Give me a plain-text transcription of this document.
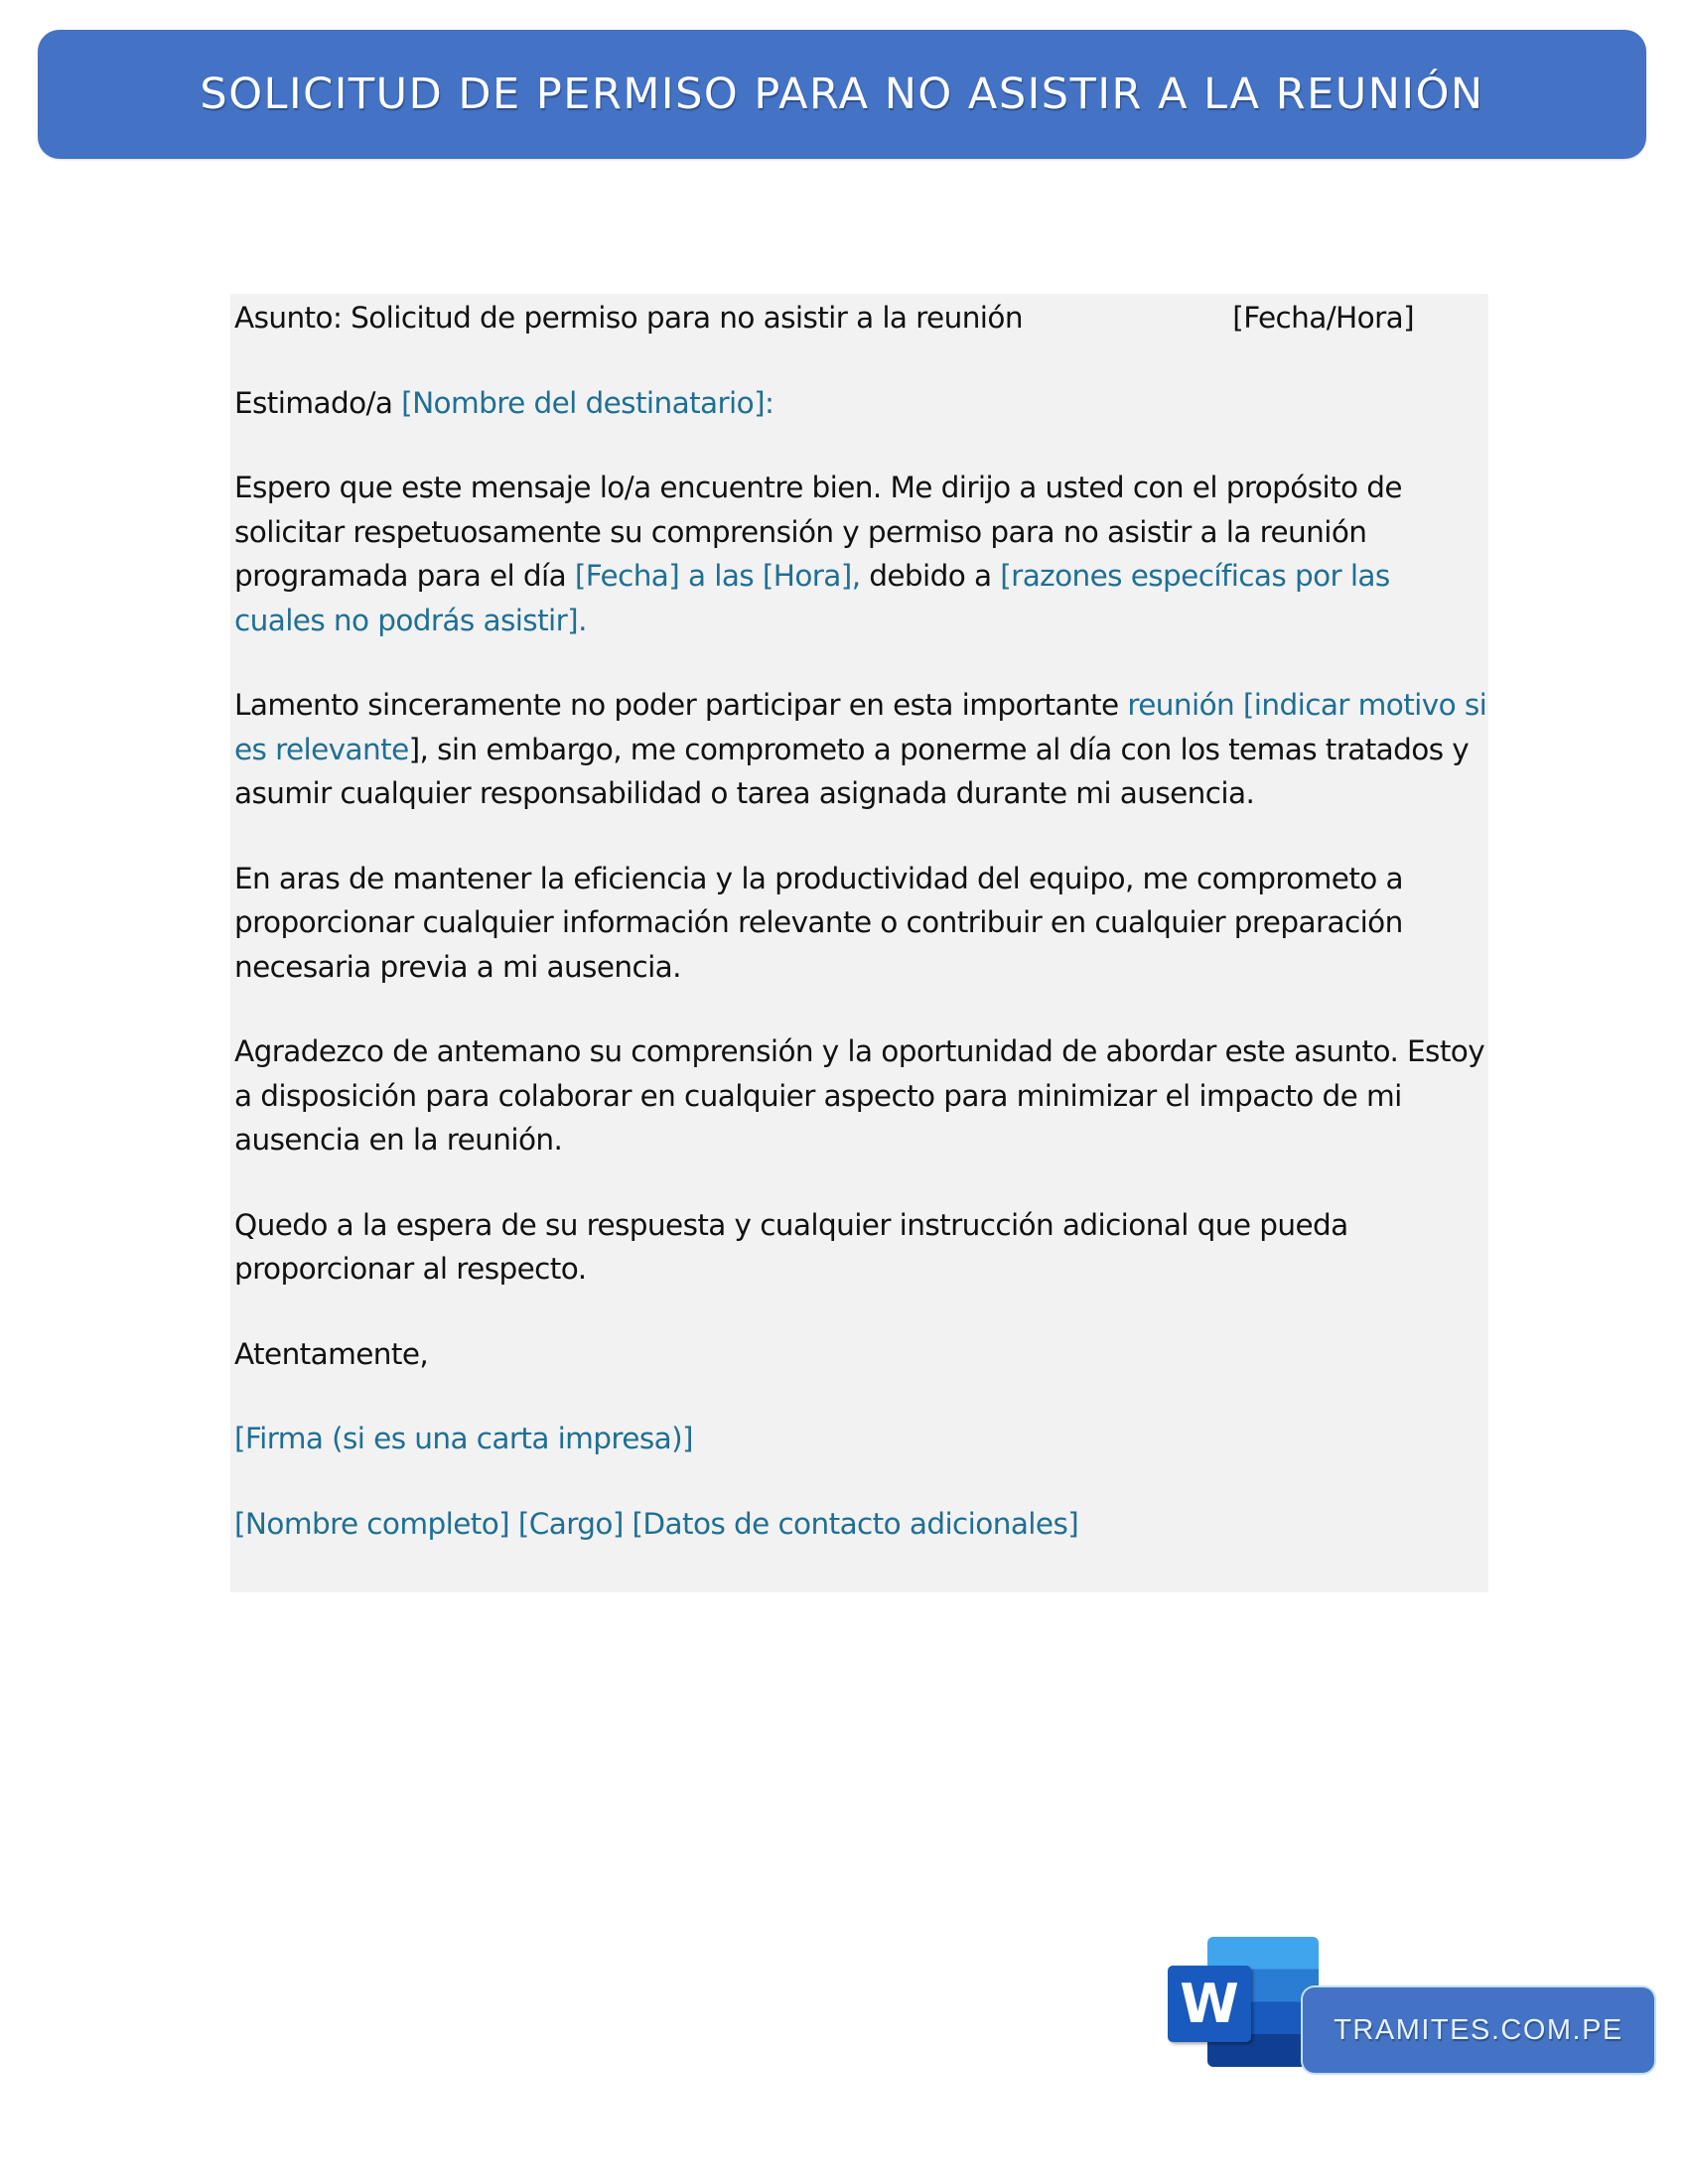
SOLICITUD DE PERMISO PARA NO ASISTIR A LA REUNIÓN
Asunto: Solicitud de permiso para no asistir a la reunión	[Fecha/Hora]
Estimado/a [Nombre del destinatario]:
Espero que este mensaje lo/a encuentre bien. Me dirijo a usted con el propósito de solicitar respetuosamente su comprensión y permiso para no asistir a la reunión programada para el día [Fecha] a las [Hora], debido a [razones específicas por las cuales no podrás asistir].
Lamento sinceramente no poder participar en esta importante reunión [indicar motivo si es relevante], sin embargo, me comprometo a ponerme al día con los temas tratados y asumir cualquier responsabilidad o tarea asignada durante mi ausencia.
En aras de mantener la eficiencia y la productividad del equipo, me comprometo a proporcionar cualquier información relevante o contribuir en cualquier preparación necesaria previa a mi ausencia.
Agradezco de antemano su comprensión y la oportunidad de abordar este asunto. Estoy a disposición para colaborar en cualquier aspecto para minimizar el impacto de mi ausencia en la reunión.
Quedo a la espera de su respuesta y cualquier instrucción adicional que pueda proporcionar al respecto.
Atentamente,
[Firma (si es una carta impresa)]
[Nombre completo] [Cargo] [Datos de contacto adicionales]
W	TRAMITES.COM.PE
